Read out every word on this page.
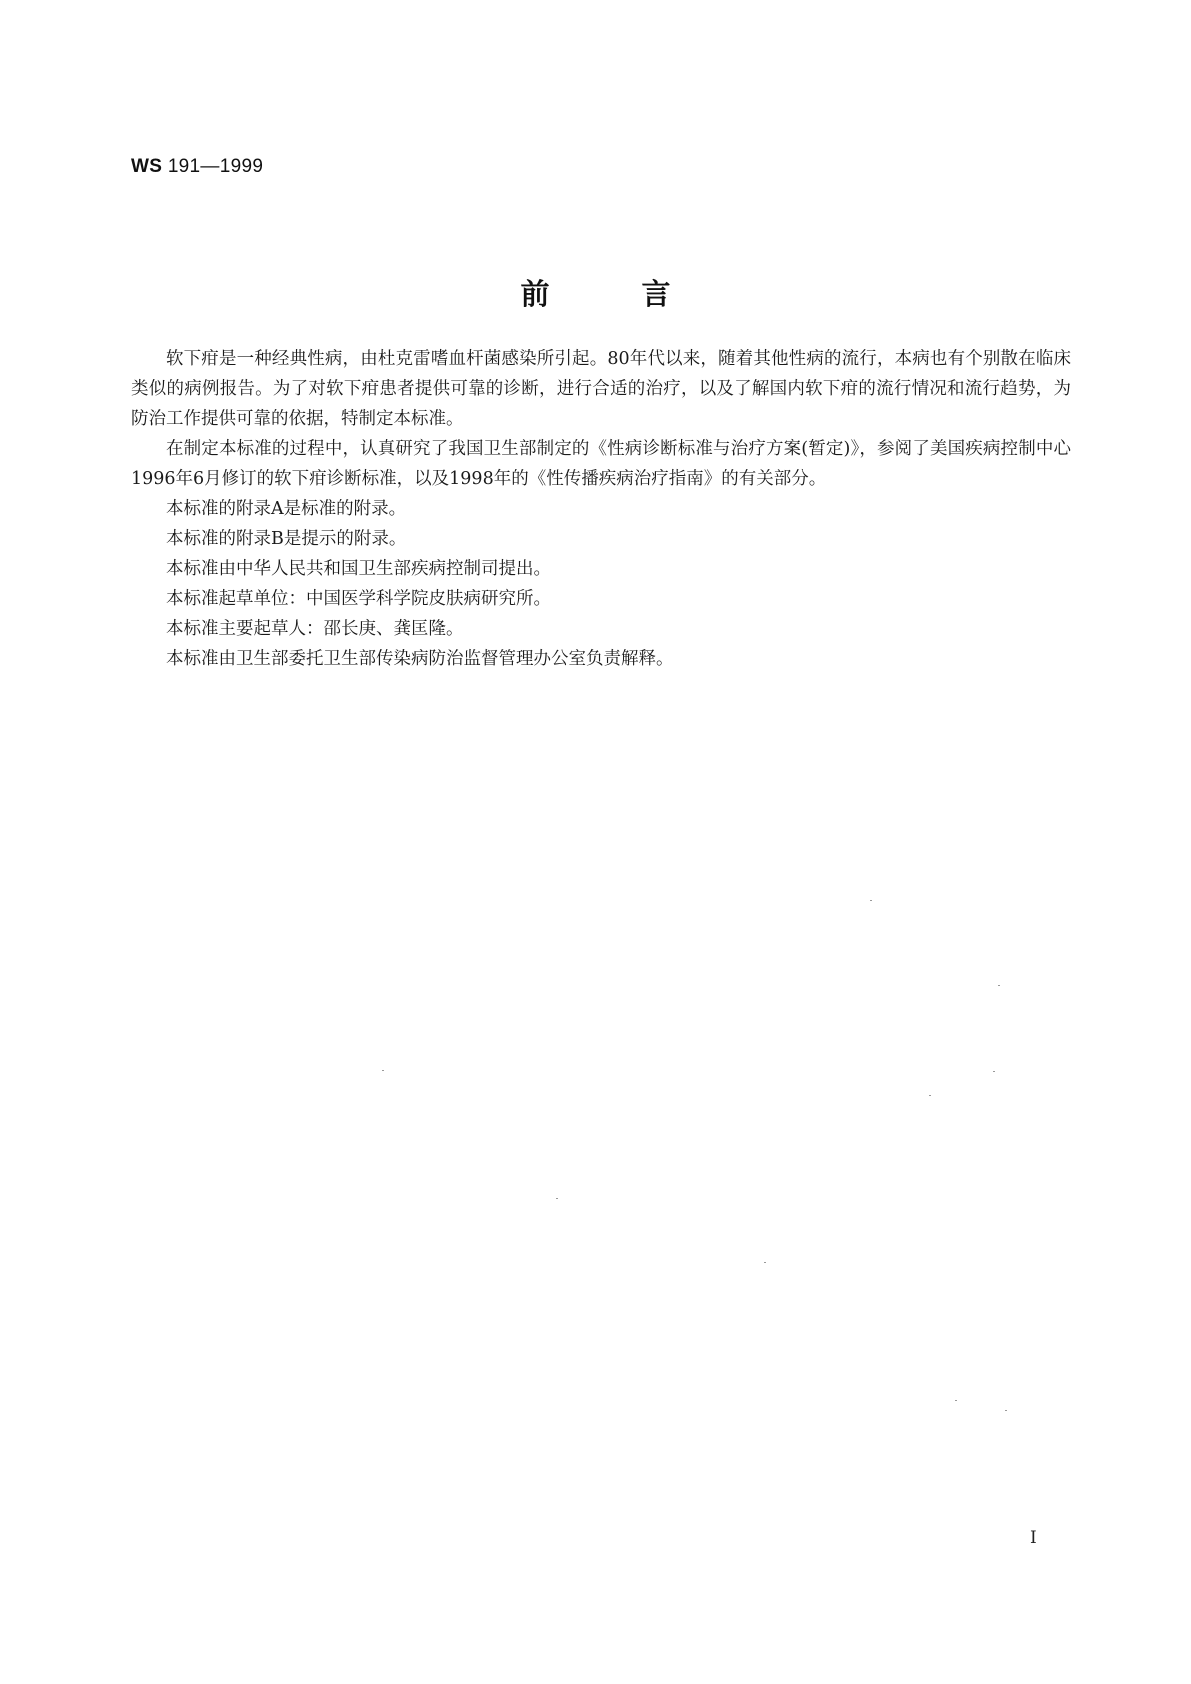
WS 191—1999
前言

软下疳是一种经典性病，由杜克雷嗜血杆菌感染所引起。80年代以来，随着其他性病的流行，本病也有个别散在临床类似的病例报告。为了对软下疳患者提供可靠的诊断，进行合适的治疗，以及了解国内软下疳的流行情况和流行趋势，为防治工作提供可靠的依据，特制定本标准。

在制定本标准的过程中，认真研究了我国卫生部制定的《性病诊断标准与治疗方案(暂定)》，参阅了美国疾病控制中心1996年6月修订的软下疳诊断标准，以及1998年的《性传播疾病治疗指南》的有关部分。

本标准的附录A是标准的附录。

本标准的附录B是提示的附录。

本标准由中华人民共和国卫生部疾病控制司提出。

本标准起草单位：中国医学科学院皮肤病研究所。

本标准主要起草人：邵长庚、龚匡隆。

本标准由卫生部委托卫生部传染病防治监督管理办公室负责解释。

I
